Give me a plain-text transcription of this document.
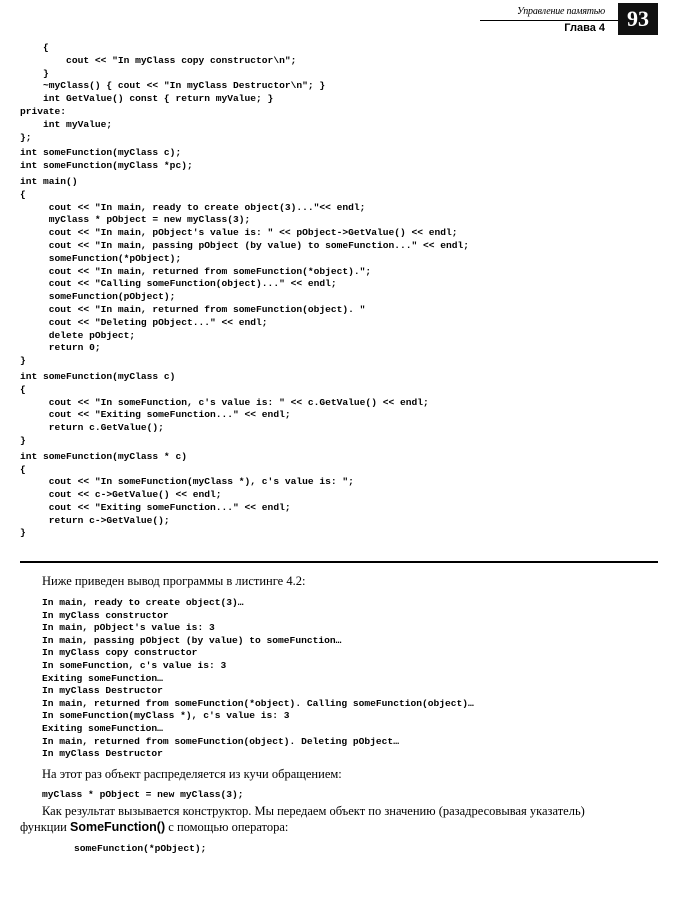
Управление памятью
Глава 4	93
{
cout << "In myClass copy constructor\n";
}
~myClass() { cout << "In myClass Destructor\n"; }
int GetValue() const { return myValue; }
private:
int myValue;
};
int someFunction(myClass c);
int someFunction(myClass *pc);
int main()
{
cout << "In main, ready to create object(3)..."<< endl;
myClass * pObject = new myClass(3);
cout << "In main, pObject's value is: " << pObject->GetValue() << endl;
cout << "In main, passing pObject (by value) to someFunction..." << endl;
someFunction(*pObject);
cout << "In main, returned from someFunction(*object).";
cout << "Calling someFunction(object)..." << endl;
someFunction(pObject);
cout << "In main, returned from someFunction(object). "
cout << "Deleting pObject..." << endl;
delete pObject;
return 0;
}
int someFunction(myClass c)
{
cout << "In someFunction, c's value is: " << c.GetValue() << endl;
cout << "Exiting someFunction..." << endl;
return c.GetValue();
}
int someFunction(myClass * c)
{
cout << "In someFunction(myClass *), c's value is: ";
cout << c->GetValue() << endl;
cout << "Exiting someFunction..." << endl;
return c->GetValue();
}
Ниже приведен вывод программы в листинге 4.2:
In main, ready to create object(3)…
In myClass constructor
In main, pObject's value is: 3
In main, passing pObject (by value) to someFunction…
In myClass copy constructor
In someFunction, c's value is: 3
Exiting someFunction…
In myClass Destructor
In main, returned from someFunction(*object). Calling someFunction(object)…
In someFunction(myClass *), c's value is: 3
Exiting someFunction…
In main, returned from someFunction(object). Deleting pObject…
In myClass Destructor
На этот раз объект распределяется из кучи обращением:
myClass * pObject = new myClass(3);
Как результат вызывается конструктор. Мы передаем объект по значению (разадресовывая указатель)
функции SomeFunction() с помощью оператора:
someFunction(*pObject);
